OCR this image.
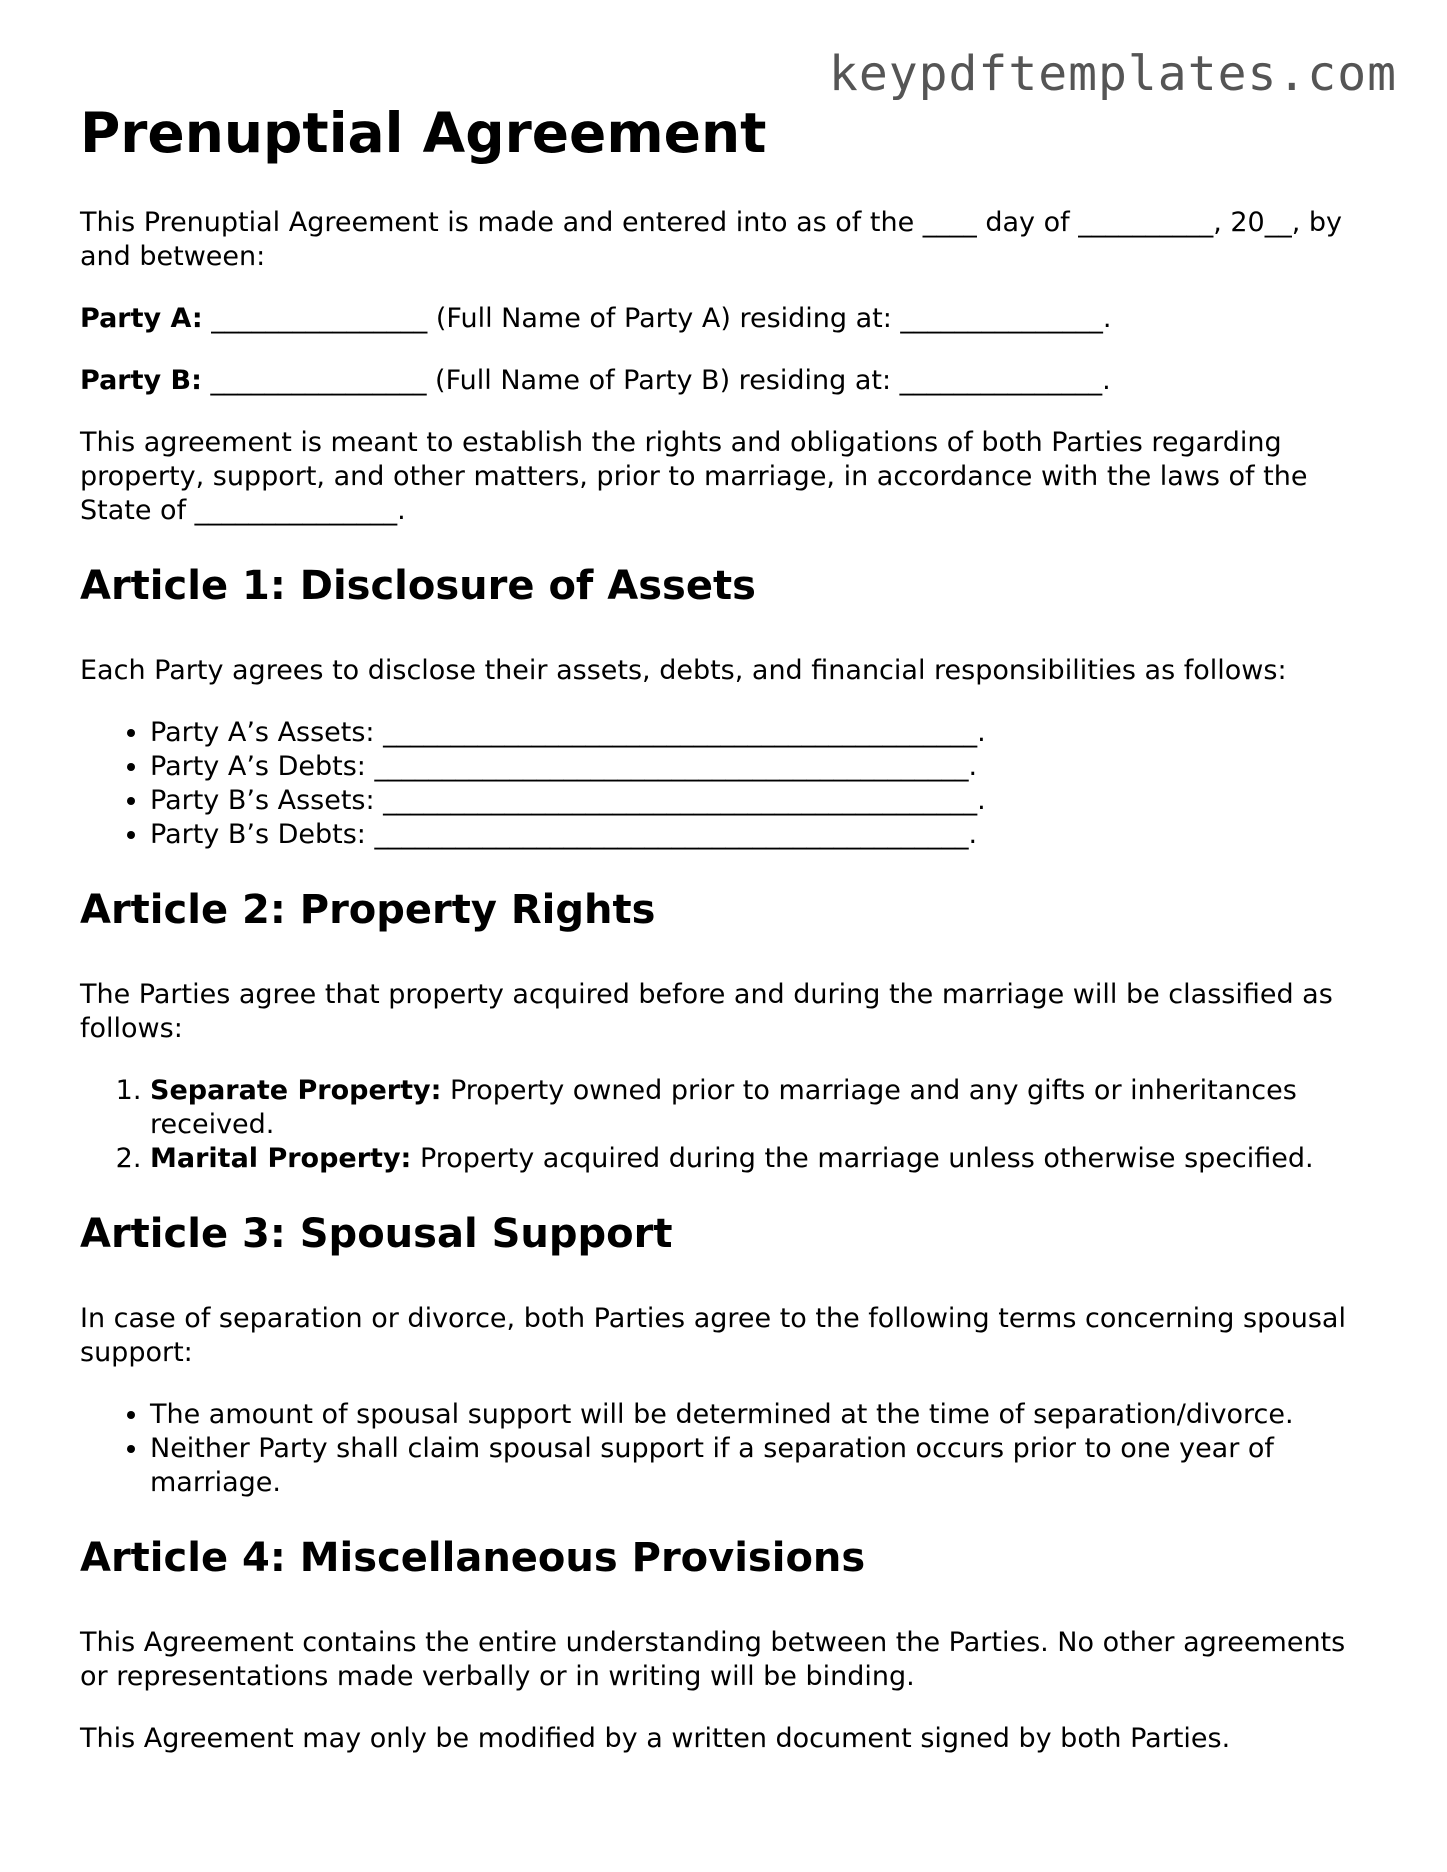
keypdftemplates.com
Prenuptial Agreement

This Prenuptial Agreement is made and entered into as of the ____ day of __________, 20__, by and between:

Party A: ________________ (Full Name of Party A) residing at: _______________.

Party B: ________________ (Full Name of Party B) residing at: _______________.

This agreement is meant to establish the rights and obligations of both Parties regarding property, support, and other matters, prior to marriage, in accordance with the laws of the State of _______________.

Article 1: Disclosure of Assets

Each Party agrees to disclose their assets, debts, and financial responsibilities as follows:

• Party A’s Assets: ____________________________________________.
• Party A’s Debts: ____________________________________________.
• Party B’s Assets: ____________________________________________.
• Party B’s Debts: ____________________________________________.
Article 2: Property Rights

The Parties agree that property acquired before and during the marriage will be classified as follows:

1. Separate Property: Property owned prior to marriage and any gifts or inheritances received.
2. Marital Property: Property acquired during the marriage unless otherwise specified.
Article 3: Spousal Support

In case of separation or divorce, both Parties agree to the following terms concerning spousal support:

• The amount of spousal support will be determined at the time of separation/divorce.
• Neither Party shall claim spousal support if a separation occurs prior to one year of marriage.
Article 4: Miscellaneous Provisions

This Agreement contains the entire understanding between the Parties. No other agreements or representations made verbally or in writing will be binding.

This Agreement may only be modified by a written document signed by both Parties.
